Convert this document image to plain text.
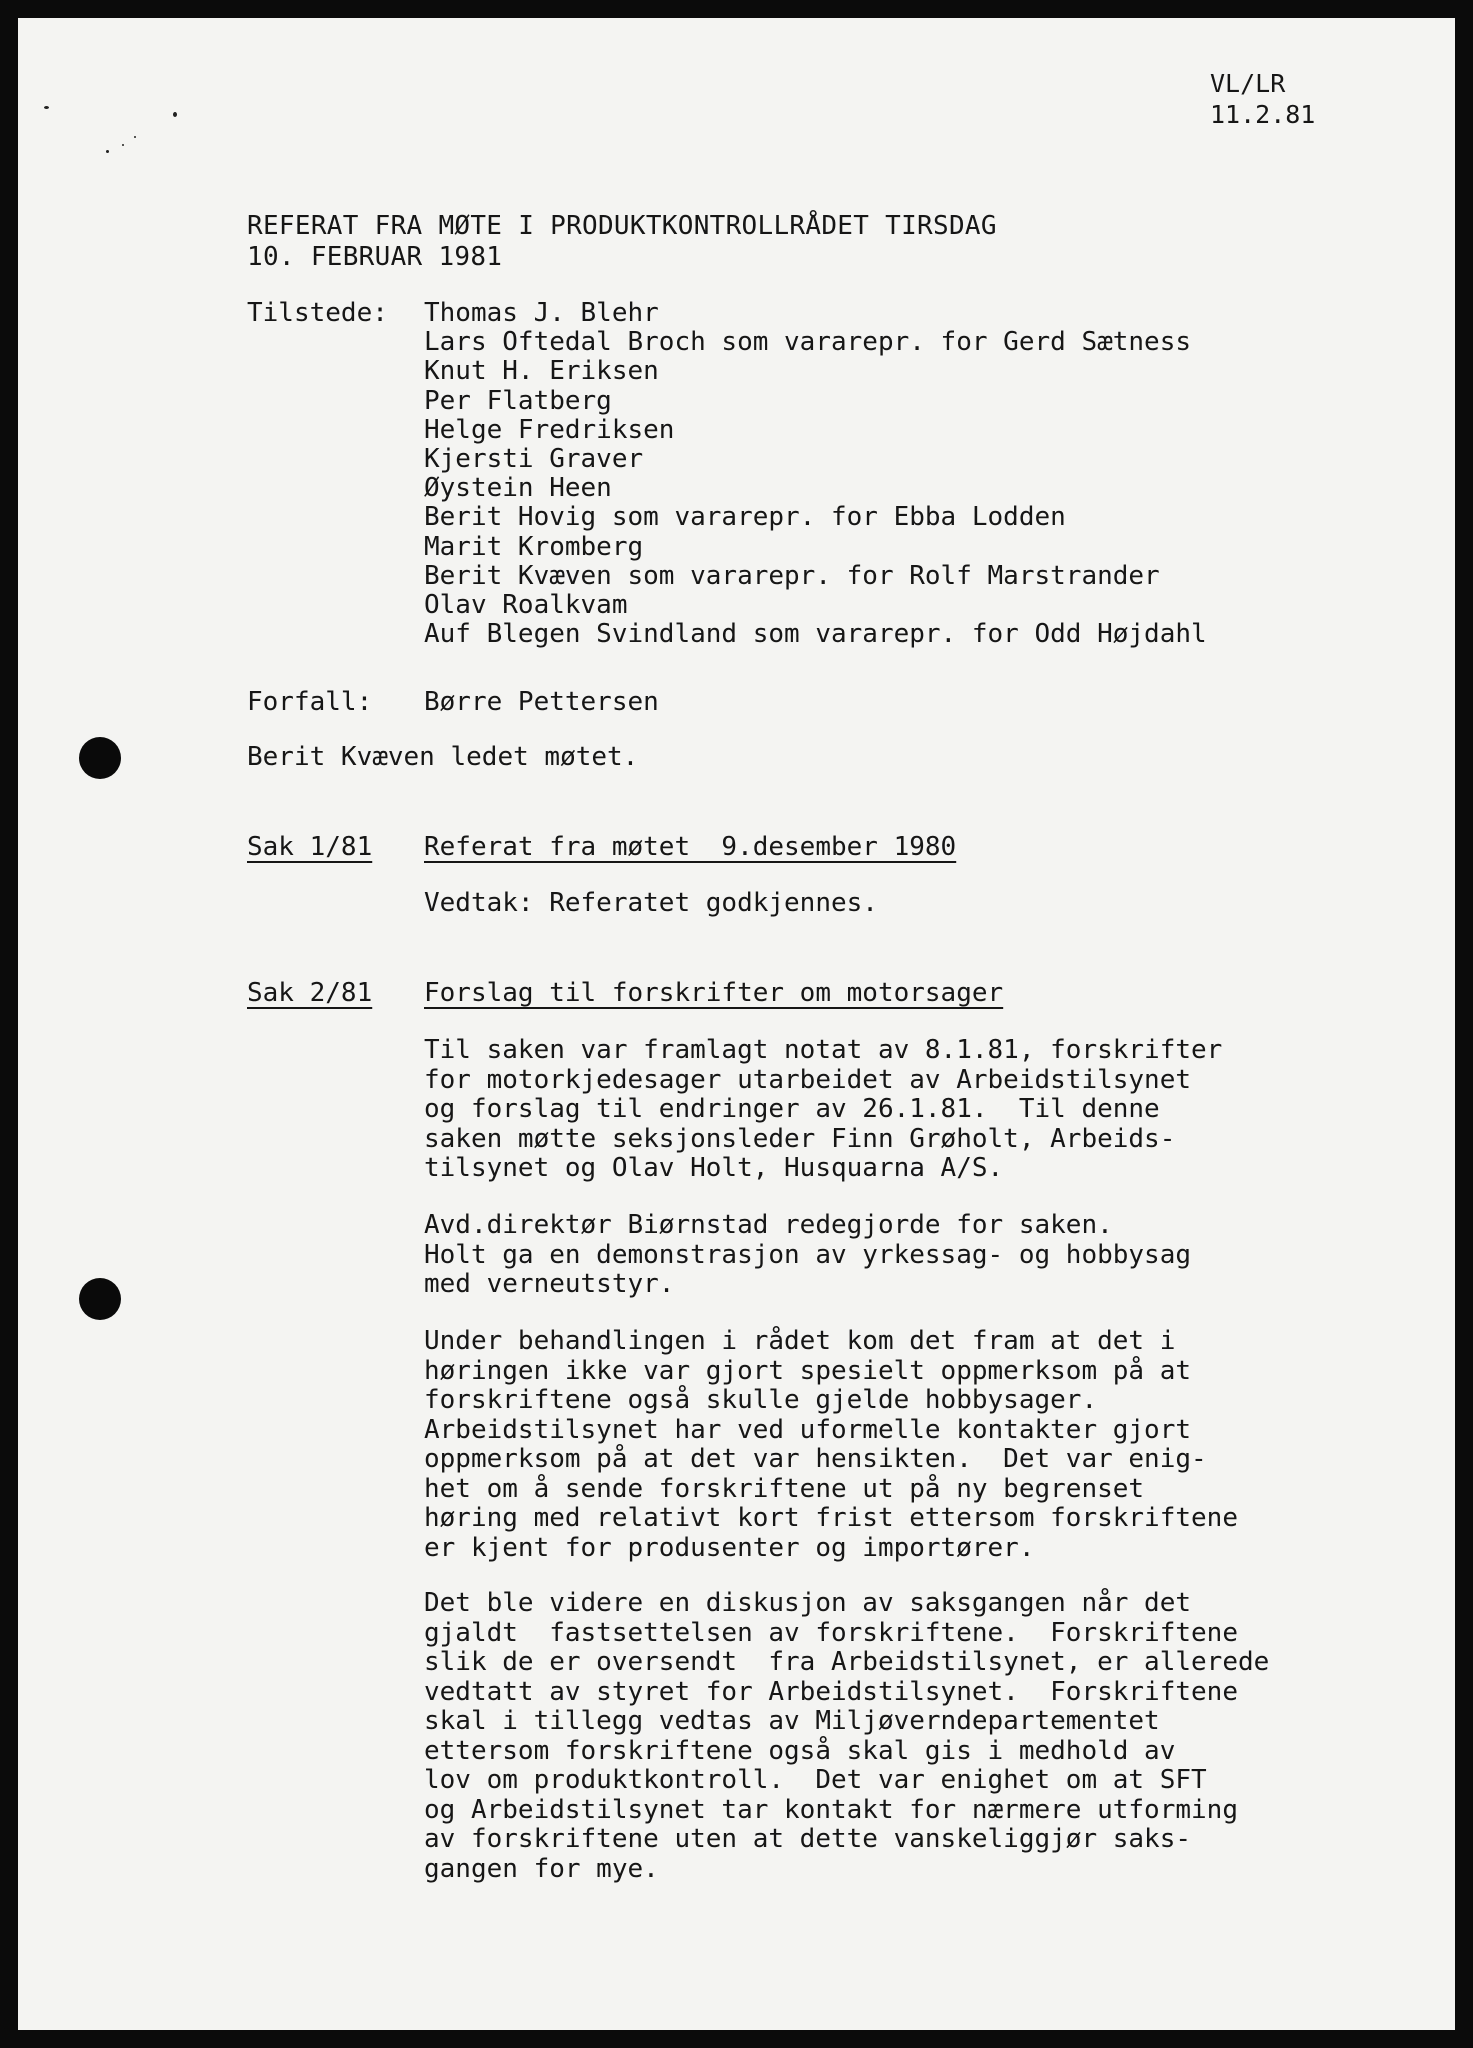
VL/LR
11.2.81
REFERAT FRA MØTE I PRODUKTKONTROLLRÅDET TIRSDAG
10. FEBRUAR 1981
Tilstede: Thomas J. Blehr
Lars Oftedal Broch som vararepr. for Gerd Sætness
Knut H. Eriksen
Per Flatberg
Helge Fredriksen
Kjersti Graver
Øystein Heen
Berit Hovig som vararepr. for Ebba Lodden
Marit Kromberg
Berit Kvæven som vararepr. for Rolf Marstrander
Olav Roalkvam
Auf Blegen Svindland som vararepr. for Odd Højdahl
Forfall: Børre Pettersen
Berit Kvæven ledet møtet.
Sak 1/81 Referat fra møtet  9.desember 1980
Vedtak: Referatet godkjennes.
Sak 2/81 Forslag til forskrifter om motorsager
Til saken var framlagt notat av 8.1.81, forskrifter
for motorkjedesager utarbeidet av Arbeidstilsynet
og forslag til endringer av 26.1.81.  Til denne
saken møtte seksjonsleder Finn Grøholt, Arbeids-
tilsynet og Olav Holt, Husquarna A/S.
Avd.direktør Biørnstad redegjorde for saken.
Holt ga en demonstrasjon av yrkessag- og hobbysag
med verneutstyr.
Under behandlingen i rådet kom det fram at det i
høringen ikke var gjort spesielt oppmerksom på at
forskriftene også skulle gjelde hobbysager.
Arbeidstilsynet har ved uformelle kontakter gjort
oppmerksom på at det var hensikten.  Det var enig-
het om å sende forskriftene ut på ny begrenset
høring med relativt kort frist ettersom forskriftene
er kjent for produsenter og importører.
Det ble videre en diskusjon av saksgangen når det
gjaldt  fastsettelsen av forskriftene.  Forskriftene
slik de er oversendt  fra Arbeidstilsynet, er allerede
vedtatt av styret for Arbeidstilsynet.  Forskriftene
skal i tillegg vedtas av Miljøverndepartementet
ettersom forskriftene også skal gis i medhold av
lov om produktkontroll.  Det var enighet om at SFT
og Arbeidstilsynet tar kontakt for nærmere utforming
av forskriftene uten at dette vanskeliggjør saks-
gangen for mye.
